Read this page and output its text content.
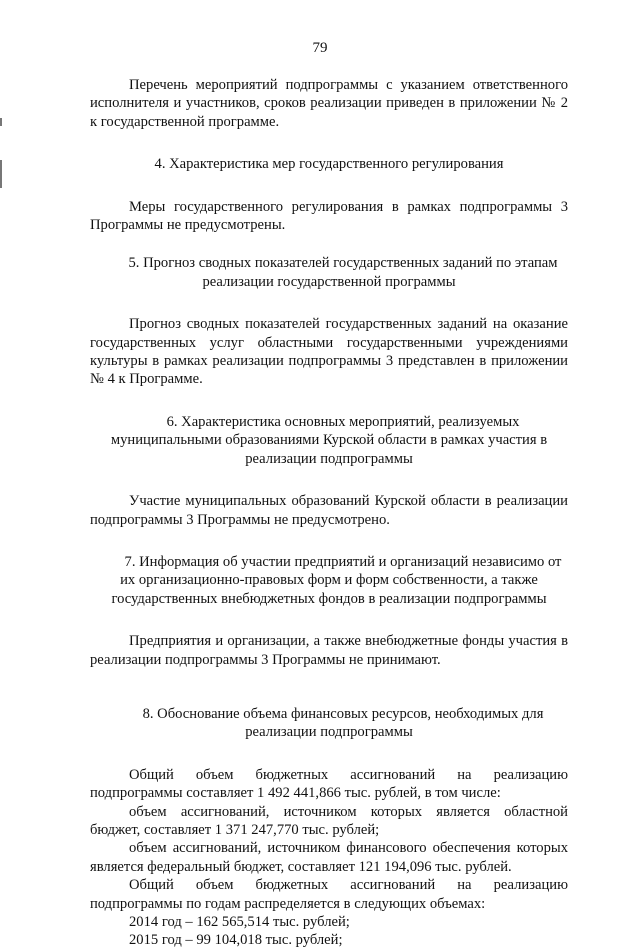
79

Перечень мероприятий подпрограммы с указанием ответственного исполнителя и участников, сроков реализации приведен в приложении № 2 к государственной программе.

4. Характеристика мер государственного регулирования

Меры государственного регулирования в рамках подпрограммы 3 Программы не предусмотрены.

5. Прогноз сводных показателей государственных заданий по этапам реализации государственной программы

Прогноз сводных показателей государственных заданий на оказание государственных услуг областными государственными учреждениями культуры в рамках реализации подпрограммы 3 представлен в приложении № 4 к Программе.

6. Характеристика основных мероприятий, реализуемых муниципальными образованиями Курской области в рамках участия в реализации подпрограммы

Участие муниципальных образований Курской области в реализации подпрограммы 3 Программы не предусмотрено.

7. Информация об участии предприятий и организаций независимо от их организационно-правовых форм и форм собственности, а также государственных внебюджетных фондов в реализации подпрограммы

Предприятия и организации, а также внебюджетные фонды участия в реализации подпрограммы 3 Программы не принимают.

8. Обоснование объема финансовых ресурсов, необходимых для реализации подпрограммы

Общий объем бюджетных ассигнований на реализацию подпрограммы составляет 1 492 441,866 тыс. рублей, в том числе:

объем ассигнований, источником которых является областной бюджет, составляет 1 371 247,770 тыс. рублей;

объем ассигнований, источником финансового обеспечения которых является федеральный бюджет, составляет 121 194,096 тыс. рублей.

Общий объем бюджетных ассигнований на реализацию подпрограммы по годам распределяется в следующих объемах:

2014 год – 162 565,514 тыс. рублей;

2015 год – 99 104,018 тыс. рублей;
